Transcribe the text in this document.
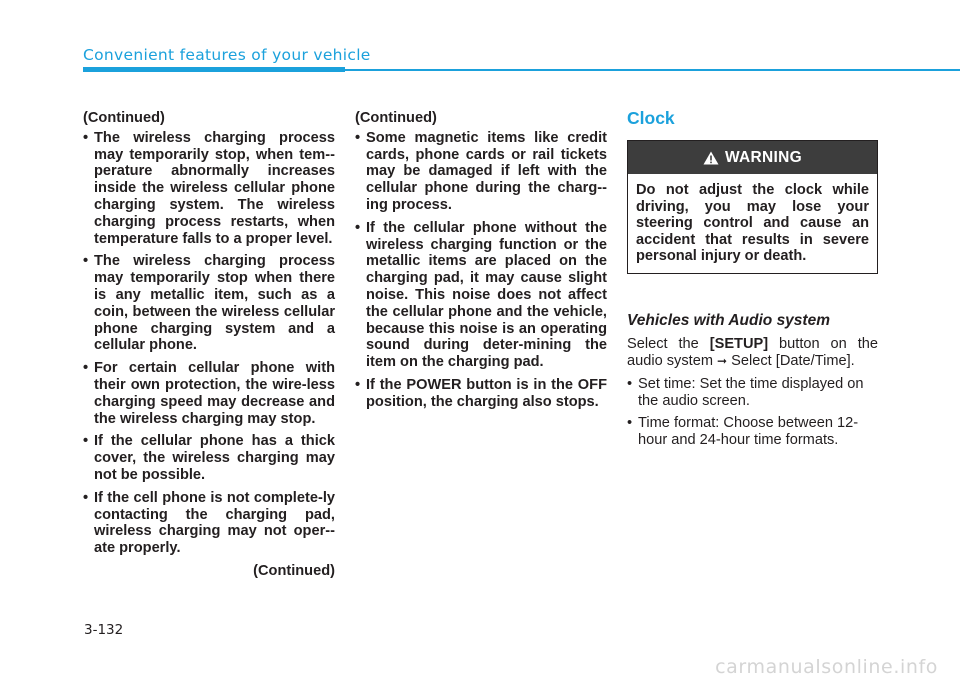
Convenient features of your vehicle
(Continued)
• The wireless charging process may temporarily stop, when tem-perature abnormally increases inside the wireless cellular phone charging system. The wireless charging process restarts, when temperature falls to a proper level.
• The wireless charging process may temporarily stop when there is any metallic item, such as a coin, between the wireless cellular phone charging system and a cellular phone.
• For certain cellular phone with their own protection, the wire-less charging speed may decrease and the wireless charging may stop.
• If the cellular phone has a thick cover, the wireless charging may not be possible.
• If the cell phone is not complete-ly contacting the charging pad, wireless charging may not oper-ate properly.
(Continued)
(Continued)
• Some magnetic items like credit cards, phone cards or rail tickets may be damaged if left with the cellular phone during the charg-ing process.
• If the cellular phone without the wireless charging function or the metallic items are placed on the charging pad, it may cause slight noise. This noise does not affect the cellular phone and the vehicle, because this noise is an operating sound during deter-mining the item on the charging pad.
• If the POWER button is in the OFF position, the charging also stops.
Clock
WARNING
Do not adjust the clock while driving, you may lose your steering control and cause an accident that results in severe personal injury or death.
Vehicles with Audio system
Select the [SETUP] button on the audio system ➞ Select [Date/Time].
• Set time: Set the time displayed on the audio screen.
• Time format: Choose between 12-hour and 24-hour time formats.
3-132
carmanualsonline.info
